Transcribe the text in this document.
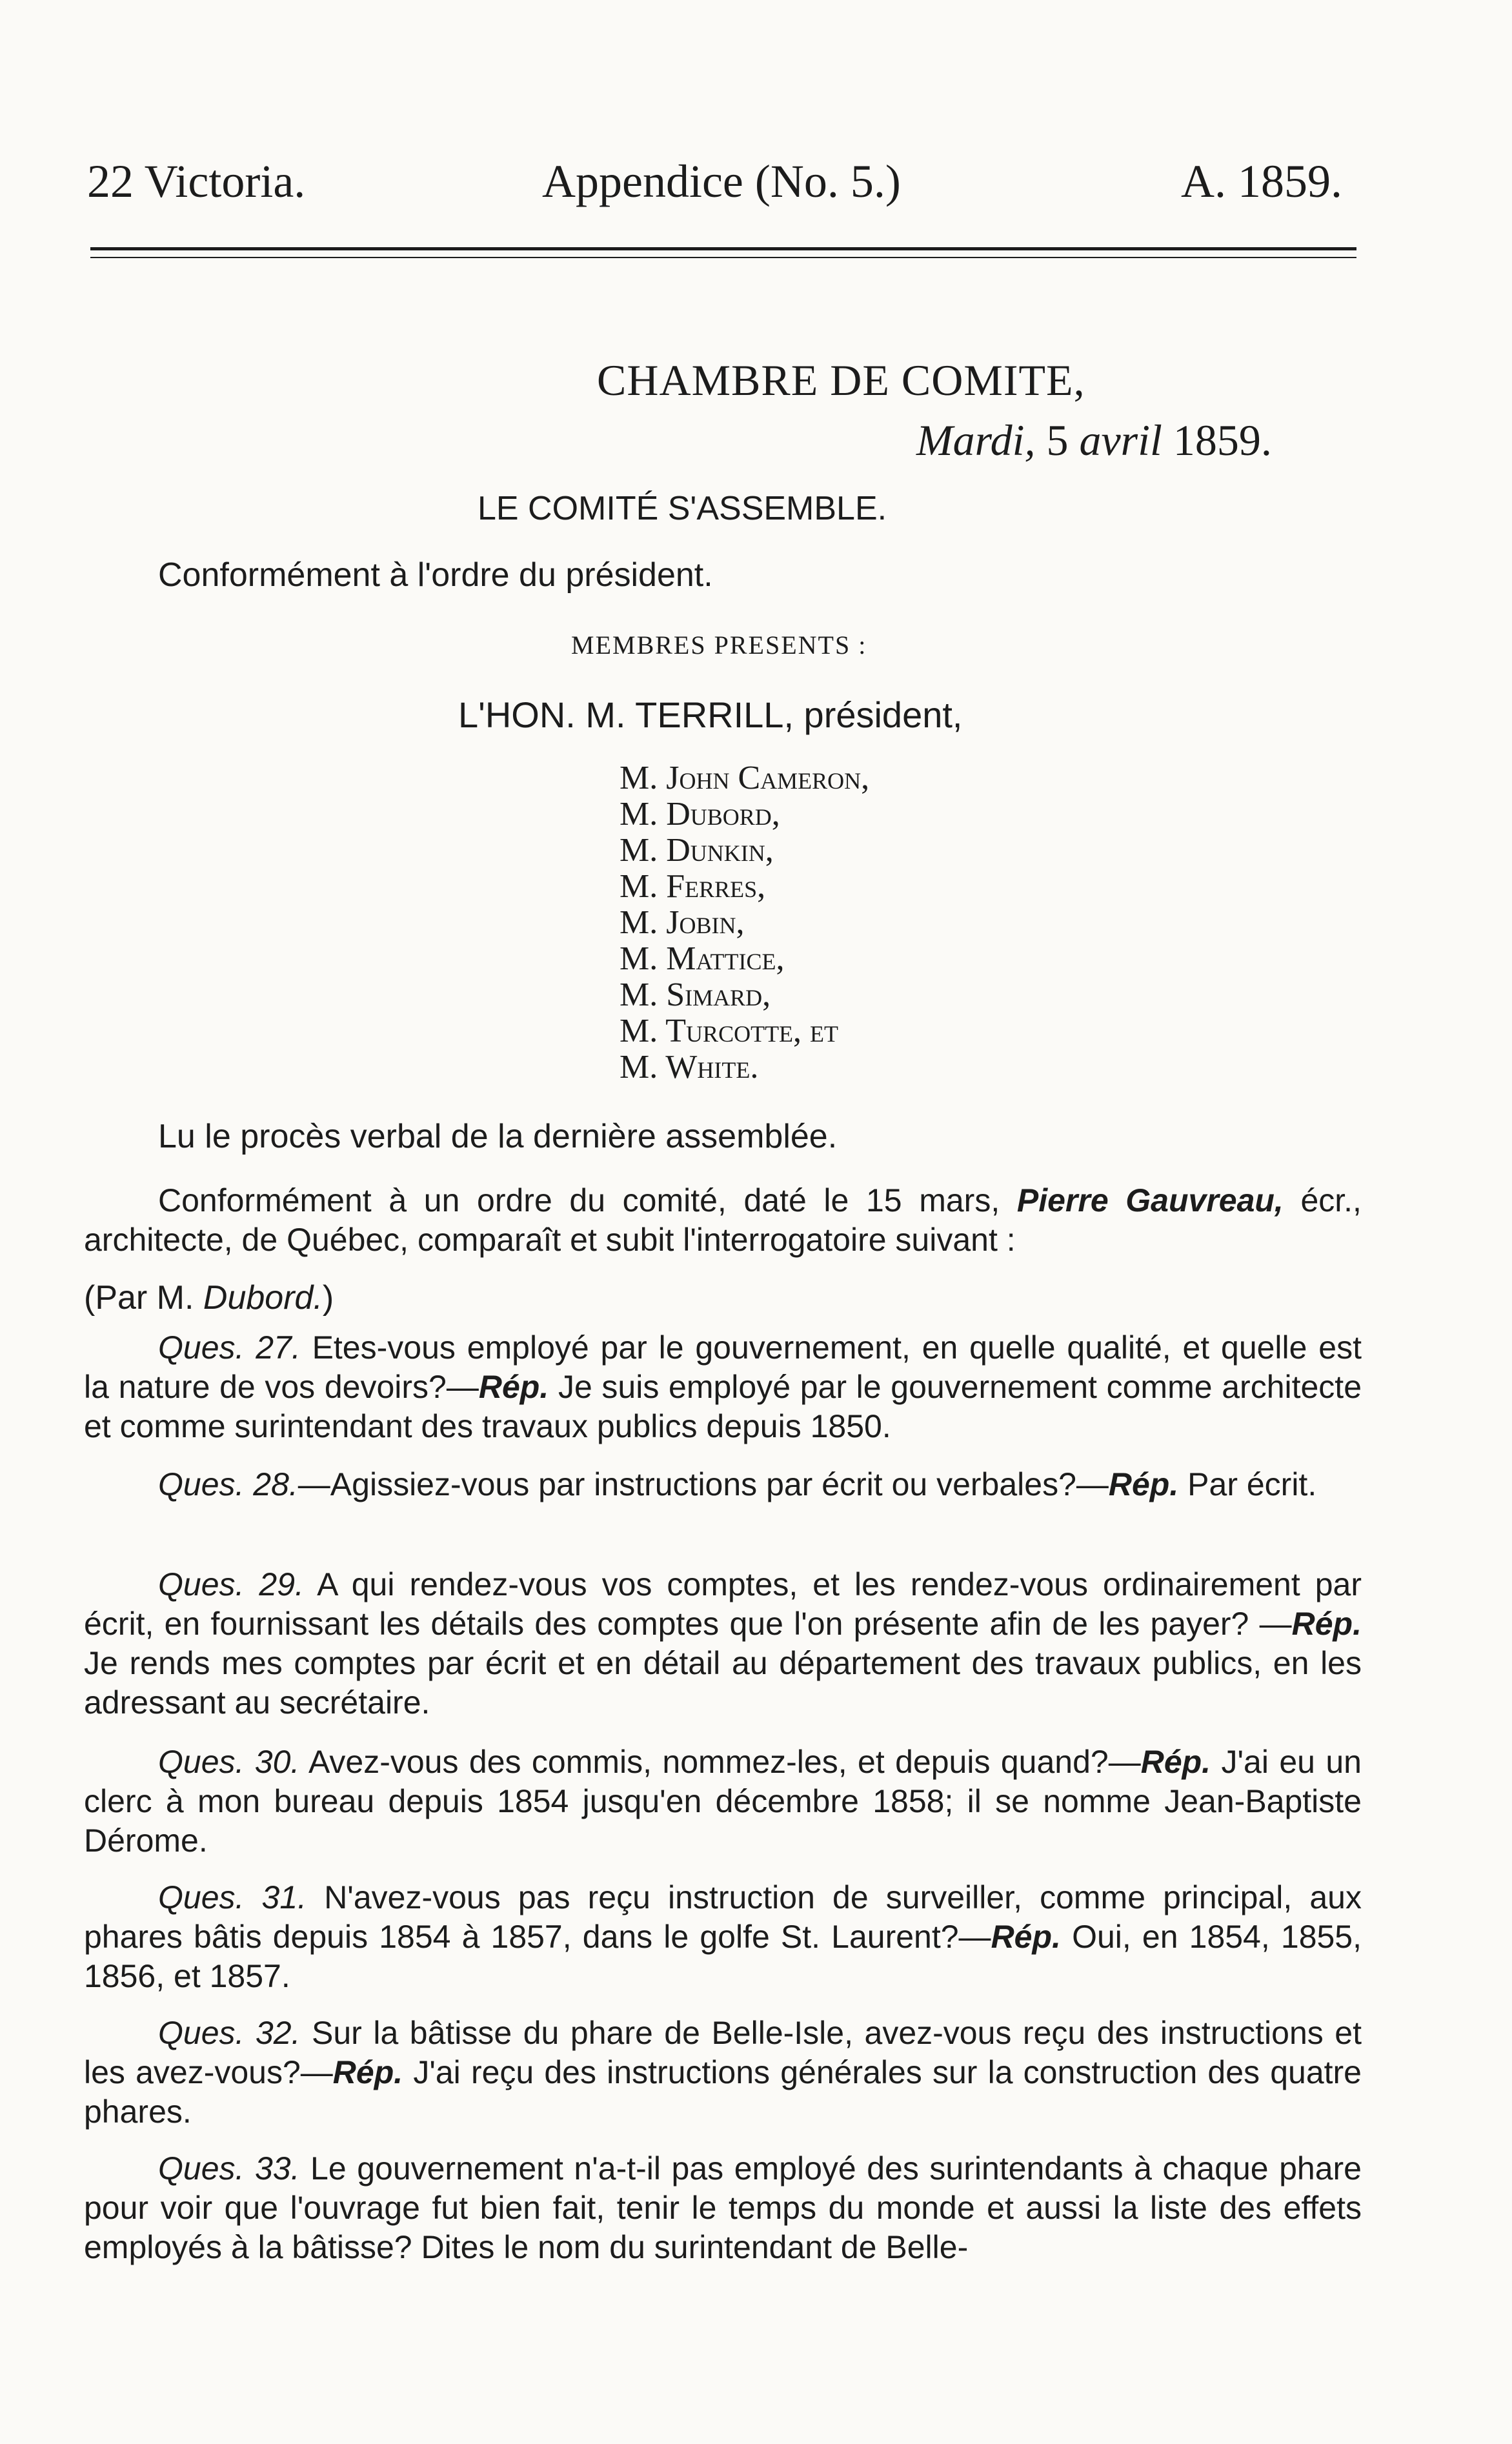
22 Victoria.	Appendice (No. 5.)	A. 1859.
CHAMBRE DE COMITE,
Mardi, 5 avril 1859.
LE COMITÉ S'ASSEMBLE.
Conformément à l'ordre du président.
MEMBRES PRESENTS :
L'HON. M. TERRILL, président,
M. John Cameron,
M. Dubord,
M. Dunkin,
M. Ferres,
M. Jobin,
M. Mattice,
M. Simard,
M. Turcotte, et
M. White.
Lu le procès verbal de la dernière assemblée.
Conformément à un ordre du comité, daté le 15 mars, Pierre Gauvreau, écr., architecte, de Québec, comparaît et subit l'interrogatoire suivant :
(Par M. Dubord.)
Ques. 27. Etes-vous employé par le gouvernement, en quelle qualité, et quelle est la nature de vos devoirs?—Rép. Je suis employé par le gouvernement comme architecte et comme surintendant des travaux publics depuis 1850.
Ques. 28.—Agissiez-vous par instructions par écrit ou verbales?—Rép. Par écrit.
Ques. 29. A qui rendez-vous vos comptes, et les rendez-vous ordinairement par écrit, en fournissant les détails des comptes que l'on présente afin de les payer? —Rép. Je rends mes comptes par écrit et en détail au département des travaux publics, en les adressant au secrétaire.
Ques. 30. Avez-vous des commis, nommez-les, et depuis quand?—Rép. J'ai eu un clerc à mon bureau depuis 1854 jusqu'en décembre 1858; il se nomme Jean-Baptiste Dérome.
Ques. 31. N'avez-vous pas reçu instruction de surveiller, comme principal, aux phares bâtis depuis 1854 à 1857, dans le golfe St. Laurent?—Rép. Oui, en 1854, 1855, 1856, et 1857.
Ques. 32. Sur la bâtisse du phare de Belle-Isle, avez-vous reçu des instructions et les avez-vous?—Rép. J'ai reçu des instructions générales sur la construction des quatre phares.
Ques. 33. Le gouvernement n'a-t-il pas employé des surintendants à chaque phare pour voir que l'ouvrage fut bien fait, tenir le temps du monde et aussi la liste des effets employés à la bâtisse? Dites le nom du surintendant de Belle-
